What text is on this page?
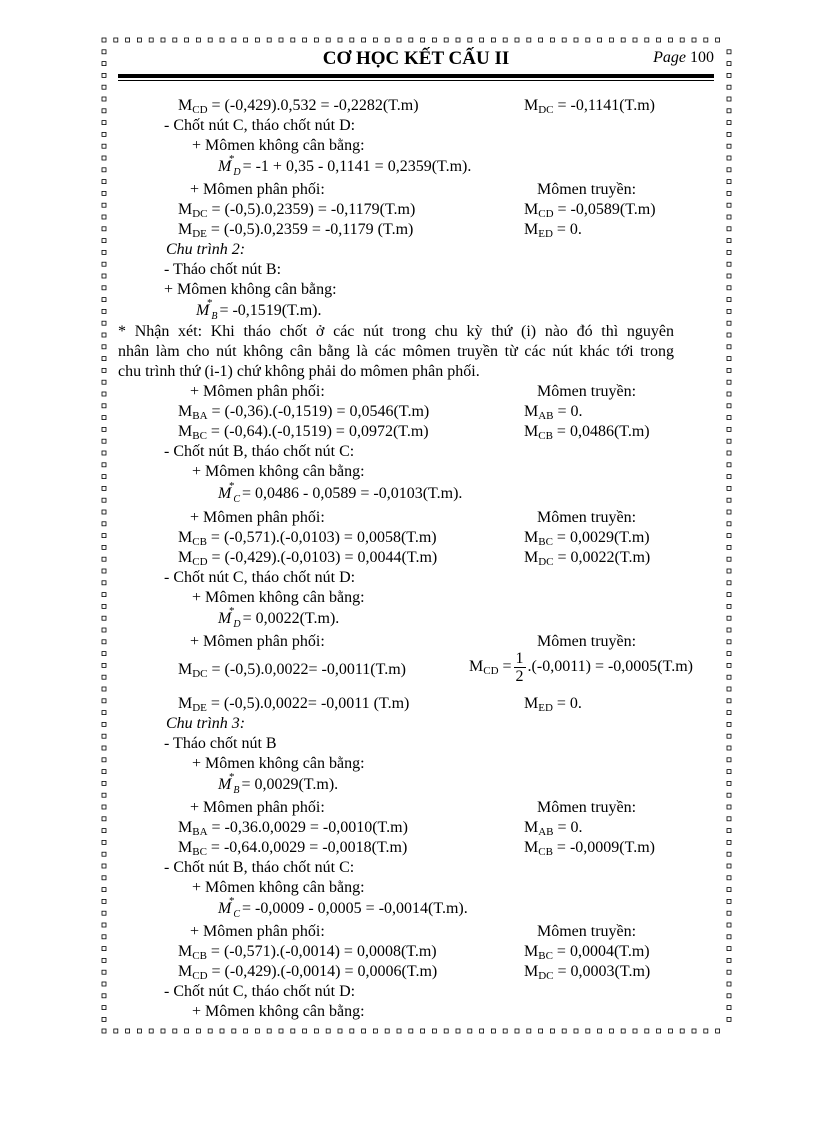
CƠ HỌC KẾT CẤU II	Page 100
$M_{CD} = (-0,429).0,532 = -0,2282(T.m)$	$M_{DC} = -0,1141(T.m)$
- Chốt nút C, tháo chốt nút D:
+ Mômen không cân bằng:
M
*
$_D$ = -1 + 0,35 - 0,1141 = 0,2359(T.m).
+ Mômen phân phối:	Mômen truyền:
$M_{DC} = (-0,5).0,2359) = -0,1179(T.m)$	$M_{CD} = -0,0589(T.m)$
$M_{DE} = (-0,5).0,2359 = -0,1179$ (T.m)	$M_{ED} = 0$.
Chu trình 2:
- Tháo chốt nút B:
+ Mômen không cân bằng:
M
*
$_B$ = -0,1519(T.m).
* Nhận xét: Khi tháo chốt ở các nút trong chu kỳ thứ (i) nào đó thì nguyên
nhân làm cho nút không cân bằng là các mômen truyền từ các nút khác tới trong
chu trình thứ (i-1) chứ không phải do mômen phân phối.
+ Mômen phân phối:	Mômen truyền:
$M_{BA} = (-0,36).(-0,1519) = 0,0546(T.m)$	$M_{AB} = 0$.
$M_{BC} = (-0,64).(-0,1519) = 0,0972(T.m)$	$M_{CB} = 0,0486(T.m)$
- Chốt nút B, tháo chốt nút C:
+ Mômen không cân bằng:
M
*
$_C$ = 0,0486 - 0,0589 = -0,0103(T.m).
+ Mômen phân phối:	Mômen truyền:
$M_{CB} = (-0,571).(-0,0103) = 0,0058(T.m)$	$M_{BC} = 0,0029(T.m)$
$M_{CD} = (-0,429).(-0,0103) = 0,0044(T.m)$	$M_{DC} = 0,0022(T.m)$
- Chốt nút C, tháo chốt nút D:
+ Mômen không cân bằng:
M
*
$_D$ = 0,0022(T.m).
+ Mômen phân phối:	Mômen truyền:
$M_{DC} = (-0,5).0,0022= -0,0011(T.m)$	$M_{CD} = \frac{1}{2} .(-0,0011) = -0,0005(T.m)$
$M_{DE} = (-0,5).0,0022= -0,0011$ (T.m)	$M_{ED} = 0$.
Chu trình 3:
- Tháo chốt nút B
+ Mômen không cân bằng:
M
*
$_B$ = 0,0029(T.m).
+ Mômen phân phối:	Mômen truyền:
$M_{BA} = -0,36.0,0029 = -0,0010(T.m)$	$M_{AB} = 0$.
$M_{BC} = -0,64.0,0029 = -0,0018(T.m)$	$M_{CB} = -0,0009(T.m)$
- Chốt nút B, tháo chốt nút C:
+ Mômen không cân bằng:
M
*
$_C$ = -0,0009 - 0,0005 = -0,0014(T.m).
+ Mômen phân phối:	Mômen truyền:
$M_{CB} = (-0,571).(-0,0014) = 0,0008(T.m)$	$M_{BC} = 0,0004(T.m)$
$M_{CD} = (-0,429).(-0,0014) = 0,0006(T.m)$	$M_{DC} = 0,0003(T.m)$
- Chốt nút C, tháo chốt nút D:
+ Mômen không cân bằng:
